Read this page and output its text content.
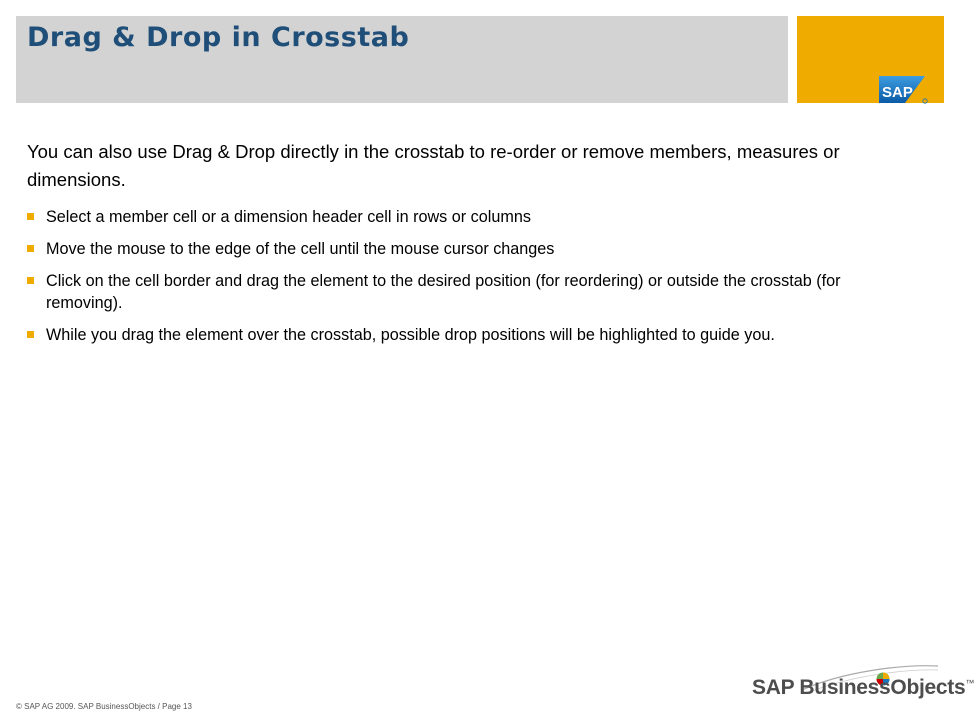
Drag & Drop in Crosstab
SAP

You can also use Drag & Drop directly in the crosstab to re-order or remove members, measures or dimensions.

Select a member cell or a dimension header cell in rows or columns
Move the mouse to the edge of the cell until the mouse cursor changes
Click on the cell border and drag the element to the desired position (for reordering) or outside the crosstab (for removing).
While you drag the element over the crosstab, possible drop positions will be highlighted to guide you.
© SAP AG 2009. SAP BusinessObjects / Page 13
SAP BusinessObjects™
